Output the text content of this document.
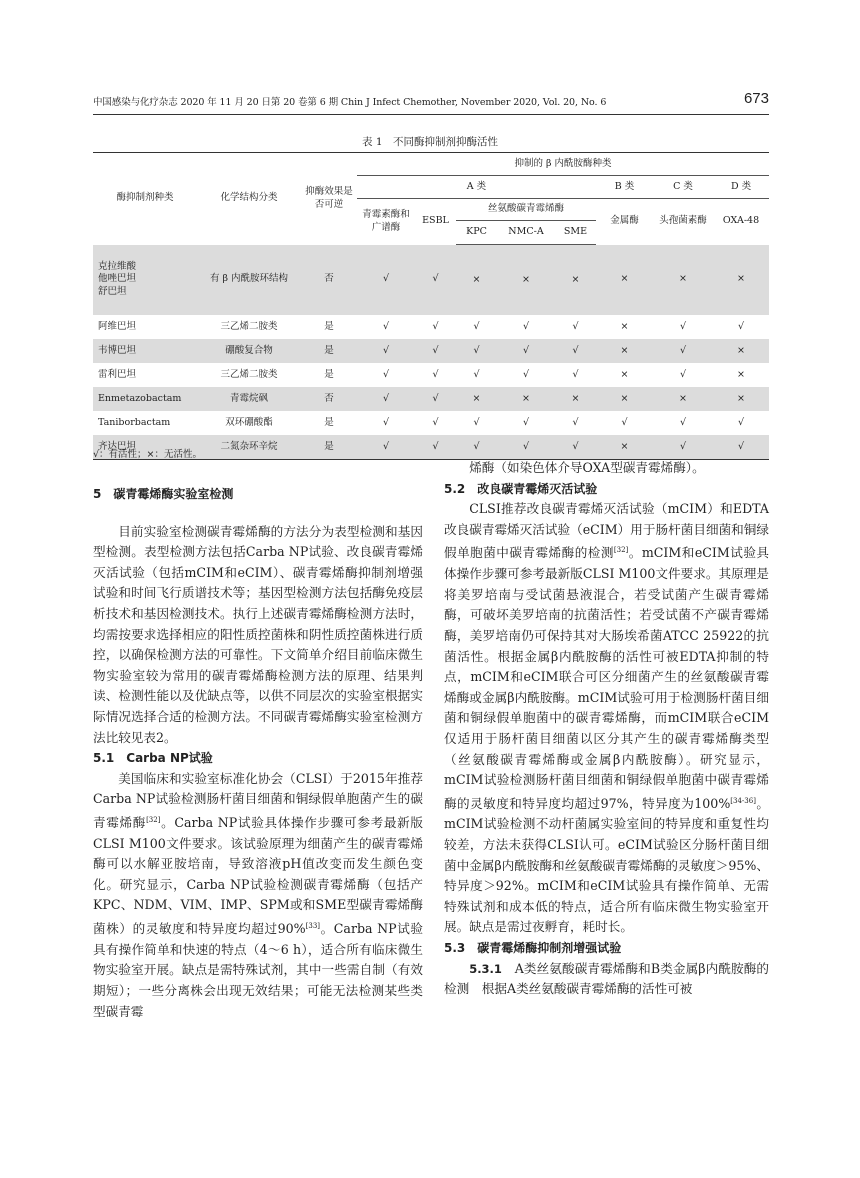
中国感染与化疗杂志 2020 年 11 月 20 日第 20 卷第 6 期 Chin J Infect Chemother, November 2020, Vol. 20, No. 6	673
表 1　不同酶抑制剂抑酶活性
酶抑制剂种类	化学结构分类	抑酶效果是否可逆	抑制的 β 内酰胺酶种类							
			A 类					B 类	C 类	D 类
			青霉素酶和广谱酶	ESBL	丝氨酸碳青霉烯酶			金属酶	头孢菌素酶	OXA-48
					KPC	NMC-A	SME			
克拉维酸
他唑巴坦
舒巴坦	有 β 内酰胺环结构	否	√	√	×	×	×	×	×	×
阿维巴坦	三乙烯二胺类	是	√	√	√	√	√	×	√	√
韦博巴坦	硼酸复合物	是	√	√	√	√	√	×	√	×
雷利巴坦	三乙烯二胺类	是	√	√	√	√	√	×	√	×
Enmetazobactam	青霉烷砜	否	√	√	×	×	×	×	×	×
Taniborbactam	双环硼酸酯	是	√	√	√	√	√	√	√	√
齐达巴坦	二氮杂环辛烷	是	√	√	√	√	√	×	√	√
√：有活性；×：无活性。
5　碳青霉烯酶实验室检测

目前实验室检测碳青霉烯酶的方法分为表型检测和基因型检测。表型检测方法包括Carba NP试验、改良碳青霉烯灭活试验（包括mCIM和eCIM）、碳青霉烯酶抑制剂增强试验和时间飞行质谱技术等；基因型检测方法包括酶免疫层析技术和基因检测技术。执行上述碳青霉烯酶检测方法时，均需按要求选择相应的阳性质控菌株和阴性质控菌株进行质控，以确保检测方法的可靠性。下文简单介绍目前临床微生物实验室较为常用的碳青霉烯酶检测方法的原理、结果判读、检测性能以及优缺点等，以供不同层次的实验室根据实际情况选择合适的检测方法。不同碳青霉烯酶实验室检测方法比较见表2。

5.1　Carba NP试验

美国临床和实验室标准化协会（CLSI）于2015年推荐Carba NP试验检测肠杆菌目细菌和铜绿假单胞菌产生的碳青霉烯酶[32]。Carba NP试验具体操作步骤可参考最新版CLSI M100文件要求。该试验原理为细菌产生的碳青霉烯酶可以水解亚胺培南，导致溶液pH值改变而发生颜色变化。研究显示，Carba NP试验检测碳青霉烯酶（包括产KPC、NDM、VIM、IMP、SPM或和SME型碳青霉烯酶菌株）的灵敏度和特异度均超过90%[33]。Carba NP试验具有操作简单和快速的特点（4～6 h），适合所有临床微生物实验室开展。缺点是需特殊试剂，其中一些需自制（有效期短）；一些分离株会出现无效结果；可能无法检测某些类型碳青霉

烯酶（如染色体介导OXA型碳青霉烯酶）。

5.2　改良碳青霉烯灭活试验

CLSI推荐改良碳青霉烯灭活试验（mCIM）和EDTA改良碳青霉烯灭活试验（eCIM）用于肠杆菌目细菌和铜绿假单胞菌中碳青霉烯酶的检测[32]。mCIM和eCIM试验具体操作步骤可参考最新版CLSI M100文件要求。其原理是将美罗培南与受试菌悬液混合，若受试菌产生碳青霉烯酶，可破坏美罗培南的抗菌活性；若受试菌不产碳青霉烯酶，美罗培南仍可保持其对大肠埃希菌ATCC 25922的抗菌活性。根据金属β内酰胺酶的活性可被EDTA抑制的特点，mCIM和eCIM联合可区分细菌产生的丝氨酸碳青霉烯酶或金属β内酰胺酶。mCIM试验可用于检测肠杆菌目细菌和铜绿假单胞菌中的碳青霉烯酶，而mCIM联合eCIM仅适用于肠杆菌目细菌以区分其产生的碳青霉烯酶类型（丝氨酸碳青霉烯酶或金属β内酰胺酶）。研究显示，mCIM试验检测肠杆菌目细菌和铜绿假单胞菌中碳青霉烯酶的灵敏度和特异度均超过97%，特异度为100%[34-36]。mCIM试验检测不动杆菌属实验室间的特异度和重复性均较差，方法未获得CLSI认可。eCIM试验区分肠杆菌目细菌中金属β内酰胺酶和丝氨酸碳青霉烯酶的灵敏度＞95%、特异度＞92%。mCIM和eCIM试验具有操作简单、无需特殊试剂和成本低的特点，适合所有临床微生物实验室开展。缺点是需过夜孵育，耗时长。

5.3　碳青霉烯酶抑制剂增强试验

5.3.1　 A类丝氨酸碳青霉烯酶和B类金属β内酰胺酶的检测　根据A类丝氨酸碳青霉烯酶的活性可被
